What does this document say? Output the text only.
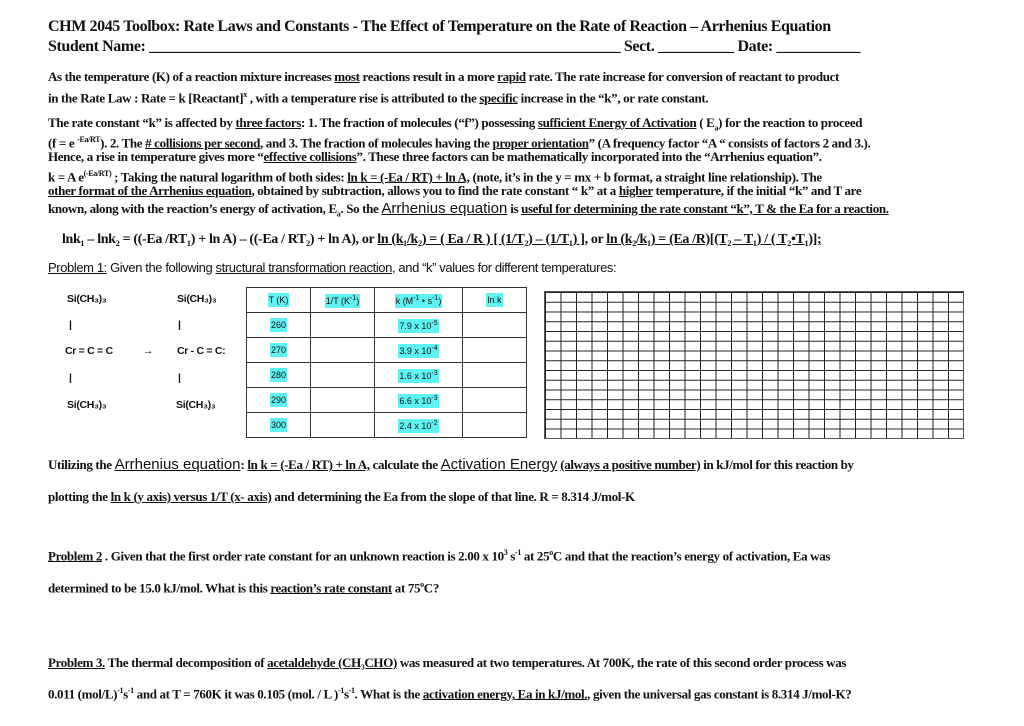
CHM 2045 Toolbox: Rate Laws and Constants - The Effect of Temperature on the Rate of Reaction – Arrhenius Equation
Student Name: ______________________________________________________________ Sect. __________ Date: ___________
As the temperature (K) of a reaction mixture increases most reactions result in a more rapid rate. The rate increase for conversion of reactant to product
in the Rate Law : Rate = k [Reactant]$^x$ , with a temperature rise is attributed to the specific increase in the “k”, or rate constant.
The rate constant “k” is affected by three factors: 1. The fraction of molecules (“f”) possessing sufficient Energy of Activation ( $E_a$) for the reaction to proceed
(f = e $^{-Ea/RT}$). 2. The # collisions per second, and 3. The fraction of molecules having the proper orientation” (A frequency factor “A “ consists of factors 2 and 3.).
Hence, a rise in temperature gives more “effective collisions”. These three factors can be mathematically incorporated into the “Arrhenius equation”.
k = A $e^{(-Ea/RT)}$ ; Taking the natural logarithm of both sides: ln k = (-Ea / RT) + ln A, (note, it’s in the y = mx + b format, a straight line relationship). The
other format of the Arrhenius equation, obtained by subtraction, allows you to find the rate constant “ k” at a higher temperature, if the initial “k” and T are
known, along with the reaction’s energy of activation, $E_a$. So the Arrhenius equation is useful for determining the rate constant “k”, T & the Ea for a reaction.
lnk₁ – lnk₂ = ((-Ea /RT₁) + ln A) – ((-Ea / RT₂) + ln A), or ln (k₁/k₂) = ( Ea / R ) [ (1/T₂) – (1/T₁) ], or ln (k₂/k₁) = (Ea /R)[(T₂ – T₁) / ( T₂•T₁)];
Problem 1: Given the following structural transformation reaction, and “k” values for different temperatures:
Si(CH₃)₃
|
Cr = C = C
|
Si(CH₃)₃
→
Si(CH₃)₃
|
Cr - C = C:
|
Si(CH₃)₃
T (K)	1/T $(K^{-1})$	k ($M^{-1}$ • $s^{-1}$)	ln k
260		7.9 x $10^{-5}$	
270		3.9 x $10^{-4}$	
280		1.6 x $10^{-3}$	
290		6.6 x $10^{-3}$	
300		2.4 x $10^{-2}$	
Utilizing the Arrhenius equation: ln k = (-Ea / RT) + ln A, calculate the Activation Energy (always a positive number) in kJ/mol for this reaction by
plotting the ln k (y axis) versus 1/T (x- axis) and determining the Ea from the slope of that line. R = 8.314 J/mol-K
Problem 2 . Given that the first order rate constant for an unknown reaction is 2.00 x $10^3$ $s^{-1}$ at 25$^o$C and that the reaction’s energy of activation, Ea was
determined to be 15.0 kJ/mol. What is this reaction’s rate constant at 75$^o$C?
Problem 3. The thermal decomposition of acetaldehyde (CH₃CHO) was measured at two temperatures. At 700K, the rate of this second order process was
0.011 $(mol/L)^{-1}s^{-1}$ and at T = 760K it was 0.105 (mol. / L )$^{-1}s^{-1}$. What is the activation energy, Ea in kJ/mol., given the universal gas constant is 8.314 J/mol-K?
